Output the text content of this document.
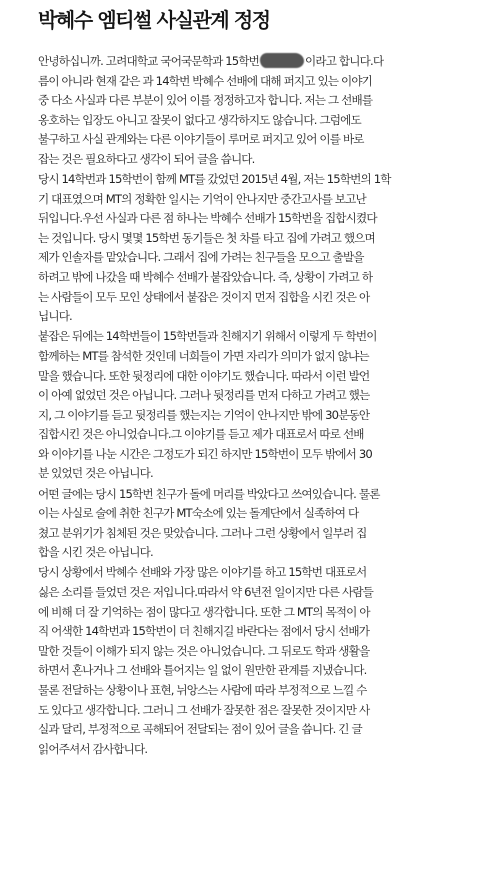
박혜수 엠티썰 사실관계 정정
안녕하십니까. 고려대학교 국어국문학과 15학번	이라고 합니다.다
름이 아니라 현재 같은 과 14학번 박혜수 선배에 대해 퍼지고 있는 이야기
중 다소 사실과 다른 부분이 있어 이를 정정하고자 합니다. 저는 그 선배를
옹호하는 입장도 아니고 잘못이 없다고 생각하지도 않습니다. 그럼에도
불구하고 사실 관계와는 다른 이야기들이 루머로 퍼지고 있어 이를 바로
잡는 것은 필요하다고 생각이 되어 글을 씁니다.
당시 14학번과 15학번이 함께 MT를 갔었던 2015년 4월, 저는 15학번의 1학
기 대표였으며 MT의 정확한 일시는 기억이 안나지만 중간고사를 보고난
뒤입니다.우선 사실과 다른 점 하나는 박혜수 선배가 15학번을 집합시켰다
는 것입니다. 당시 몇몇 15학번 동기들은 첫 차를 타고 집에 가려고 했으며
제가 인솔자를 맡았습니다. 그래서 집에 가려는 친구들을 모으고 출발을
하려고 밖에 나갔을 때 박혜수 선배가 붙잡았습니다. 즉, 상황이 가려고 하
는 사람들이 모두 모인 상태에서 붙잡은 것이지 먼저 집합을 시킨 것은 아
닙니다.
붙잡은 뒤에는 14학번들이 15학번들과 친해지기 위해서 이렇게 두 학번이
함께하는 MT를 참석한 것인데 너희들이 가면 자리가 의미가 없지 않냐는
말을 했습니다. 또한 뒷정리에 대한 이야기도 했습니다. 따라서 이런 발언
이 아예 없었던 것은 아닙니다. 그러나 뒷정리를 먼저 다하고 가려고 했는
지, 그 이야기를 듣고 뒷정리를 했는지는 기억이 안나지만 밖에 30분동안
집합시킨 것은 아니었습니다.그 이야기를 듣고 제가 대표로서 따로 선배
와 이야기를 나눈 시간은 그정도가 되긴 하지만 15학번이 모두 밖에서 30
분 있었던 것은 아닙니다.
어떤 글에는 당시 15학번 친구가 돌에 머리를 박았다고 쓰여있습니다. 물론
이는 사실로 술에 취한 친구가 MT숙소에 있는 돌계단에서 실족하여 다
쳤고 분위기가 침체된 것은 맞았습니다. 그러나 그런 상황에서 일부러 집
합을 시킨 것은 아닙니다.
당시 상황에서 박혜수 선배와 가장 많은 이야기를 하고 15학번 대표로서
싫은 소리를 들었던 것은 저입니다.따라서 약 6년전 일이지만 다른 사람들
에 비해 더 잘 기억하는 점이 많다고 생각합니다. 또한 그 MT의 목적이 아
직 어색한 14학번과 15학번이 더 친해지길 바란다는 점에서 당시 선배가
말한 것들이 이해가 되지 않는 것은 아니었습니다. 그 뒤로도 학과 생활을
하면서 혼나거나 그 선배와 틀어지는 일 없이 원만한 관계를 지냈습니다.
물론 전달하는 상황이나 표현, 뉘앙스는 사람에 따라 부정적으로 느낄 수
도 있다고 생각합니다. 그러니 그 선배가 잘못한 점은 잘못한 것이지만 사
실과 달리, 부정적으로 곡해되어 전달되는 점이 있어 글을 씁니다. 긴 글
읽어주셔서 감사합니다.
